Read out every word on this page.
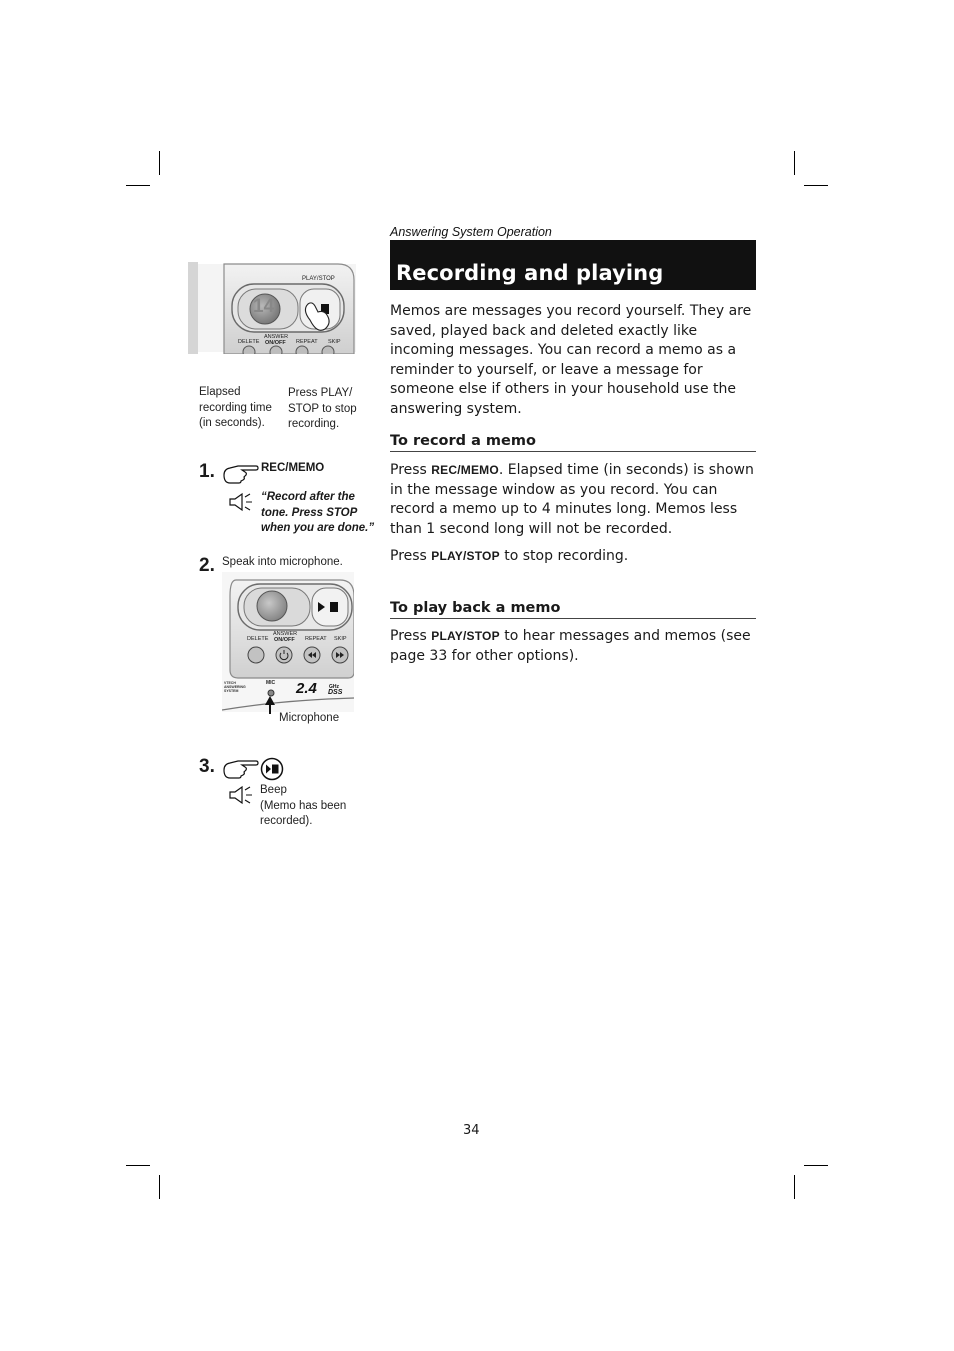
Answering System Operation
Recording and playing memos
Memos are messages you record yourself. They are saved, played back and deleted exactly like incoming messages. You can record a memo as a reminder to yourself, or leave a message for someone else if others in your household use the answering system.
To record a memo

Press REC/MEMO. Elapsed time (in seconds) is shown in the message window as you record. You can record a memo up to 4 minutes long. Memos less than 1 second long will not be recorded.

Press PLAY/STOP to stop recording.

To play back a memo

Press PLAY/STOP to hear messages and memos (see page 33 for other options).

14
PLAY/STOP
DELETE
ANSWER
ON/OFF REPEAT SKIP
Elapsed
recording time
(in seconds).
Press PLAY/
STOP to stop
recording.
1.	REC/MEMO
“Record after the
tone. Press STOP
when you are done.”
2. Speak into microphone.
DELETE
ANSWER
ON/OFF REPEAT SKIP
MIC
VTECH
ANSWERING
SYSTEM	2.4 GHz
DSS
Microphone
3.
Beep
(Memo has been
recorded).
34
